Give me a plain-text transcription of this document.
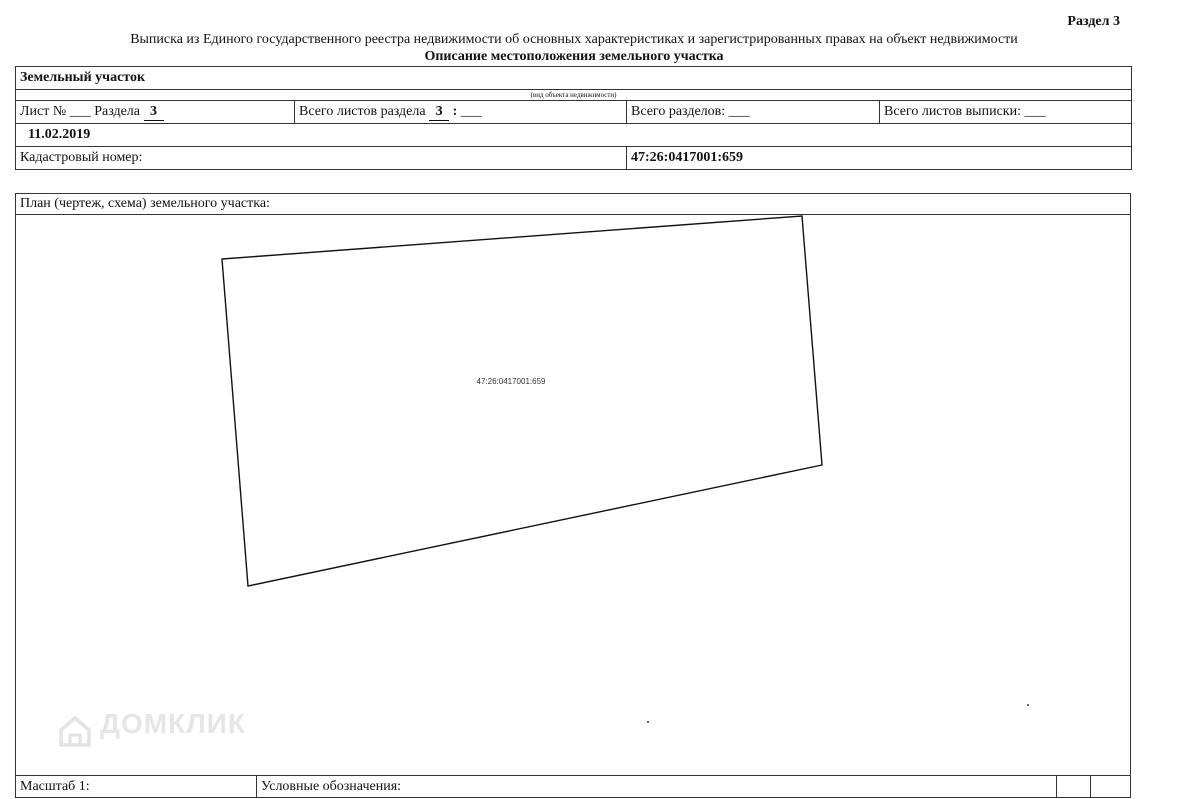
Раздел 3
Выписка из Единого государственного реестра недвижимости об основных характеристиках и зарегистрированных правах на объект недвижимости
Описание местоположения земельного участка
Земельный участок			
(вид объекта недвижимости)			
Лист № ___ Раздела 3	Всего листов раздела 3 : ___	Всего разделов: ___	Всего листов выписки: ___
11.02.2019			
Кадастровый номер:		47:26:0417001:659	
План (чертеж, схема) земельного участка:
47:26:0417001:659
Масштаб 1:	Условные обозначения:
ДОМКЛИК
